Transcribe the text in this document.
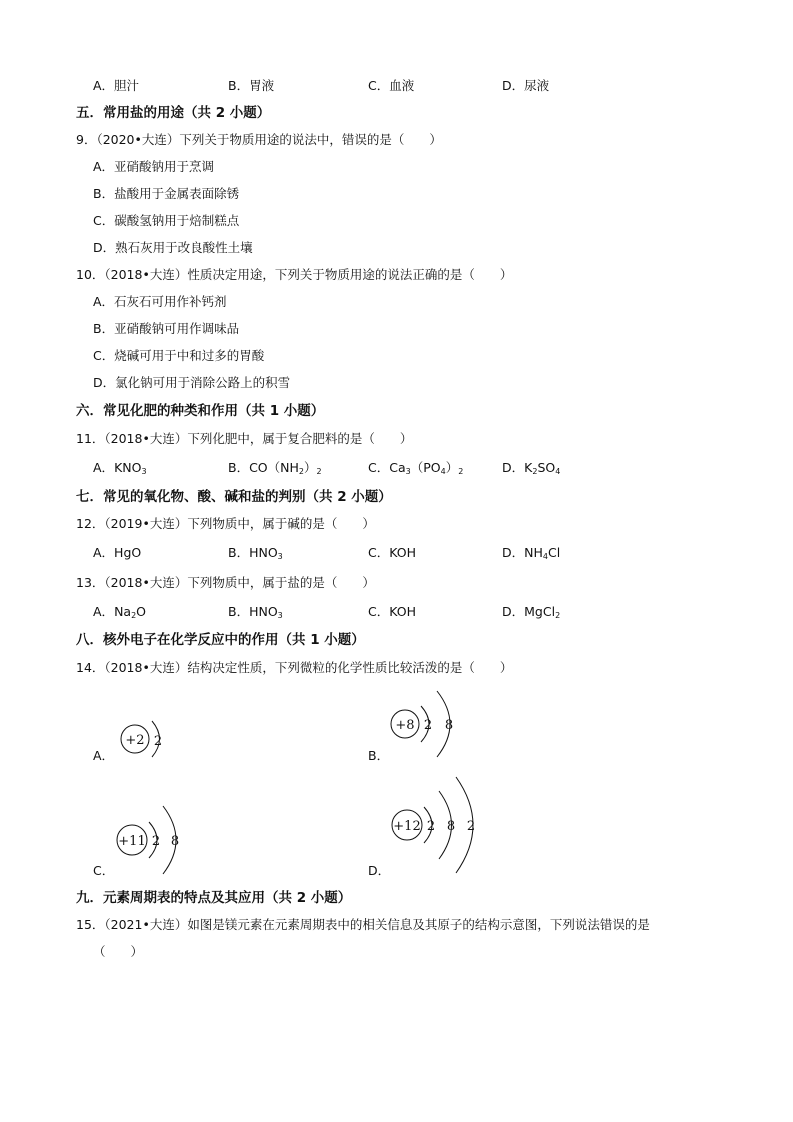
A．胆汁	B．胃液	C．血液	D．尿液
五．常用盐的用途（共 2 小题）
9．（2020•大连）下列关于物质用途的说法中，错误的是（　　）
A．亚硝酸钠用于烹调
B．盐酸用于金属表面除锈
C．碳酸氢钠用于焙制糕点
D．熟石灰用于改良酸性土壤
10．（2018•大连）性质决定用途，下列关于物质用途的说法正确的是（　　）
A．石灰石可用作补钙剂
B．亚硝酸钠可用作调味品
C．烧碱可用于中和过多的胃酸
D．氯化钠可用于消除公路上的积雪
六．常见化肥的种类和作用（共 1 小题）
11．（2018•大连）下列化肥中，属于复合肥料的是（　　）
A．$KNO_3$	B．$CO(NH_2)_2$	C．$Ca_3(PO_4)_2$	D．$K_2SO_4$
七．常见的氧化物、酸、碱和盐的判别（共 2 小题）
12．（2019•大连）下列物质中，属于碱的是（　　）
A．HgO	B．$HNO_3$	C．KOH	D．$NH_4Cl$
13．（2018•大连）下列物质中，属于盐的是（　　）
A．$Na_2O$	B．$HNO_3$	C．KOH	D．MgCl$_2$
八．核外电子在化学反应中的作用（共 1 小题）
14．（2018•大连）结构决定性质，下列微粒的化学性质比较活泼的是（　　）
A．
+2 2
B．
+8 2 8
C．
+11 2 8
D．
+12 2 8 2
九．元素周期表的特点及其应用（共 2 小题）
15．（2021•大连）如图是镁元素在元素周期表中的相关信息及其原子的结构示意图，下列说法错误的是
（　　）
